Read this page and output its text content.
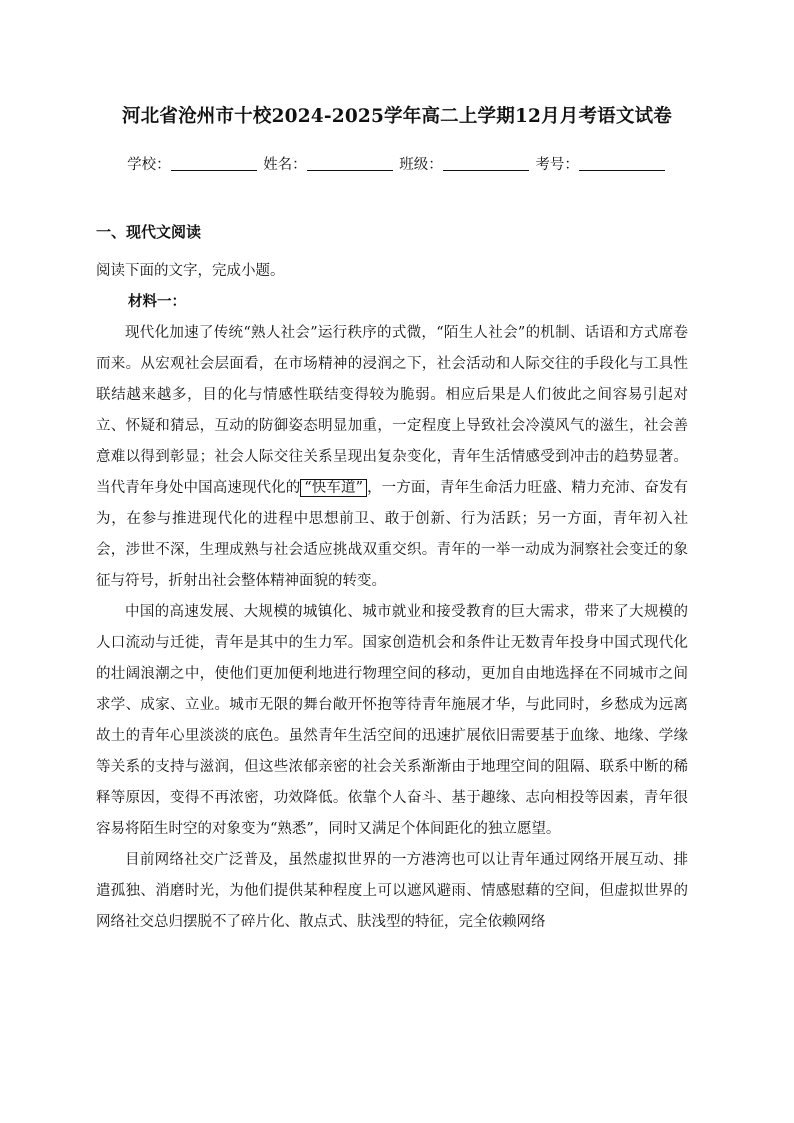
河北省沧州市十校2024-2025学年高二上学期12月月考语文试卷
学校：	姓名：	班级：	考号：
一、现代文阅读

阅读下面的文字，完成小题。

材料一：

现代化加速了传统“熟人社会”运行秩序的式微，“陌生人社会”的机制、话语和方式席卷而来。从宏观社会层面看，在市场精神的浸润之下，社会活动和人际交往的手段化与工具性联结越来越多，目的化与情感性联结变得较为脆弱。相应后果是人们彼此之间容易引起对立、怀疑和猜忌，互动的防御姿态明显加重，一定程度上导致社会冷漠风气的滋生，社会善意难以得到彰显；社会人际交往关系呈现出复杂变化，青年生活情感受到冲击的趋势显著。当代青年身处中国高速现代化的 “快车道” ，一方面，青年生命活力旺盛、精力充沛、奋发有为，在参与推进现代化的进程中思想前卫、敢于创新、行为活跃；另一方面，青年初入社会，涉世不深，生理成熟与社会适应挑战双重交织。青年的一举一动成为洞察社会变迁的象征与符号，折射出社会整体精神面貌的转变。

中国的高速发展、大规模的城镇化、城市就业和接受教育的巨大需求，带来了大规模的人口流动与迁徙，青年是其中的生力军。国家创造机会和条件让无数青年投身中国式现代化的壮阔浪潮之中，使他们更加便利地进行物理空间的移动，更加自由地选择在不同城市之间求学、成家、立业。城市无限的舞台敞开怀抱等待青年施展才华，与此同时，乡愁成为远离故土的青年心里淡淡的底色。虽然青年生活空间的迅速扩展依旧需要基于血缘、地缘、学缘等关系的支持与滋润，但这些浓郁亲密的社会关系渐渐由于地理空间的阻隔、联系中断的稀释等原因，变得不再浓密，功效降低。依靠个人奋斗、基于趣缘、志向相投等因素，青年很容易将陌生时空的对象变为“熟悉”，同时又满足个体间距化的独立愿望。

目前网络社交广泛普及，虽然虚拟世界的一方港湾也可以让青年通过网络开展互动、排遣孤独、消磨时光，为他们提供某种程度上可以遮风避雨、情感慰藉的空间，但虚拟世界的网络社交总归摆脱不了碎片化、散点式、肤浅型的特征，完全依赖网络
